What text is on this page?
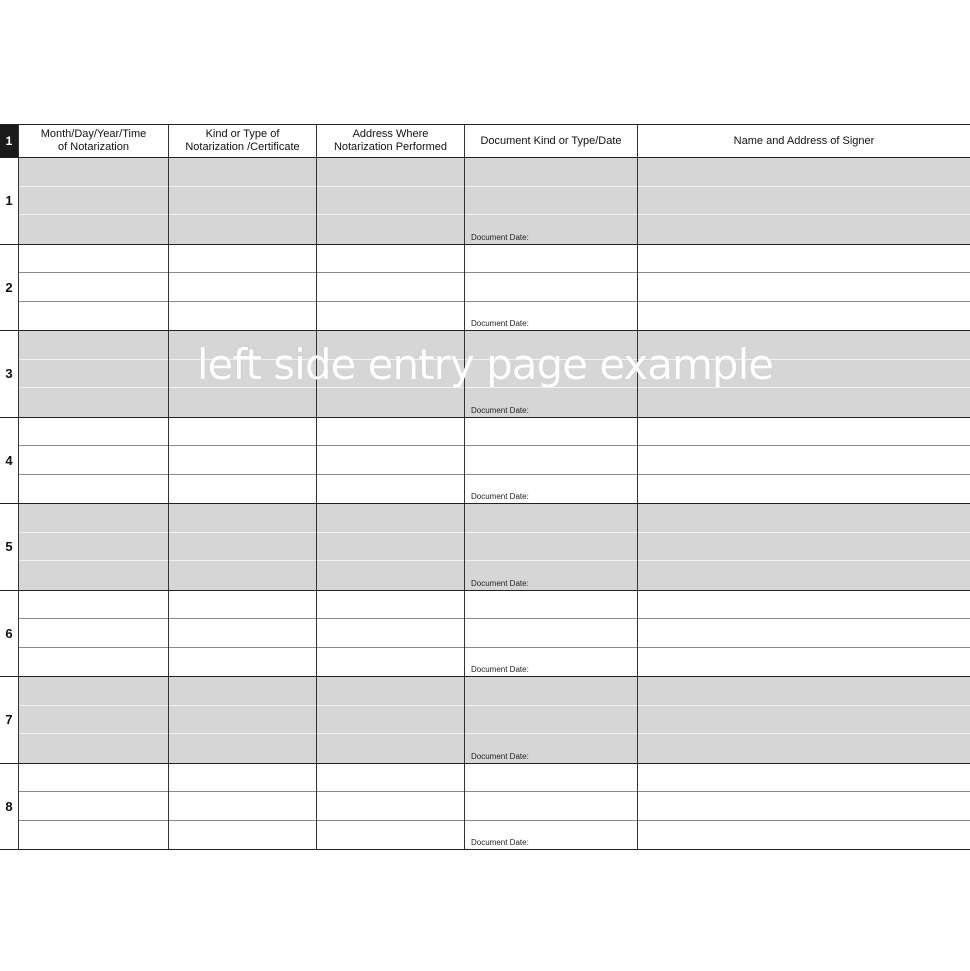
1	Month/Day/Year/Time
of Notarization
Kind or Type of
Notarization /Certificate
Address Where
Notarization Performed
Document Kind or Type/Date	Name and Address of Signer
1
Document Date:
2
Document Date:
3
Document Date:
4
Document Date:
5
Document Date:
6
Document Date:
7
Document Date:
8
Document Date:
left side entry page example
